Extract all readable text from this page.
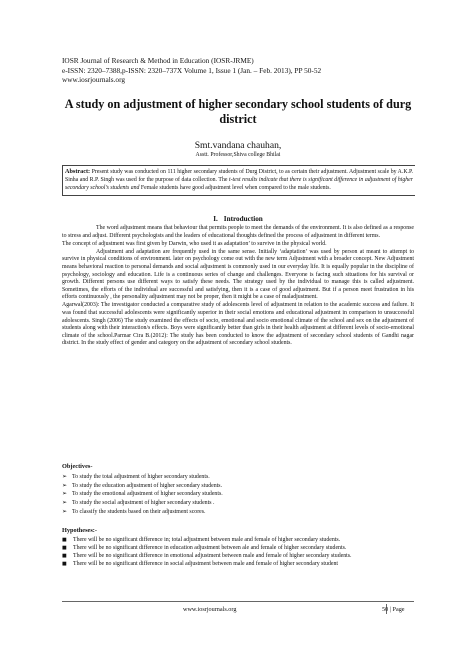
IOSR Journal of Research & Method in Education (IOSR-JRME)
e-ISSN: 2320–7388,p-ISSN: 2320–737X Volume 1, Issue 1 (Jan. – Feb. 2013), PP 50-52
www.iosrjournals.org
A study on adjustment of higher secondary school students of durg district
Smt.vandana chauhan,
Asstt. Professor,Shiva college Bhilai
Abstract: Present study was conducted on 111 higher secondary students of Durg District, to as certain their adjustment. Adjustment scale by A.K.P. Sinha and R.P. Singh was used for the purpose of data collection. The t-test results indicate that there is significant difference in adjustment of higher secondary school’s students and Female students have good adjustment level when compared to the male students.
I. Introduction

The word adjustment means that behaviour that permits people to meet the demands of the environment. It is also defined as a response to stress and adjust. Different psychologists and the leaders of educational thoughts defined the process of adjustment in different terms.

The concept of adjustment was first given by Darwin, who used it as adaptation’ to survive in the physical world.

Adjustment and adaptation are frequently used in the same sense. Initially ‘adaptation’ was used by person at meant to attempt to survive in physical conditions of environment. later on psychology come out with the new term Adjustment with a broader concept. New Adjustment means behavioral reaction to personal demands and social adjustment is commonly used in our everyday life. It is equally popular in the discipline of psychology, sociology and education. Life is a continuous series of change and challenges. Everyone is facing such situations for his survival or growth. Different persons use different ways to satisfy these needs. The strategy used by the individual to manage this is called adjustment. Sometimes, the efforts of the individual are successful and satisfying, then it is a case of good adjustment. But if a person meet frustration in his efforts continuously , the personality adjustment may not be proper, then it might be a case of maladjustment.

Agarwal(2003): The investigator conducted a comparative study of adolescents level of adjustment in relation to the academic success and failure. It was found that successful adolescents were significantly superior in their social emotions and educational adjustment in comparison to unsuccessful adolescents. Singh (2006) The study examined the effects of socio, emotional and socio emotional climate of the school and sex on the adjustment of students along with their interaction/s effects. Boys were significantly better than girls in their health adjustment at different levels of socio-emotional climate of the school.Parmar Cira B.(2012): The study has been conducted to know the adjustment of secondary school students of Gandhi nagar district. In the study effect of gender and category on the adjustment of secondary school students.

Objectives-
➢ To study the total adjustment of higher secondary students.
➢ To study the education adjustment of higher secondary students.
➢ To study the emotional adjustment of higher secondary students.
➢ To study the social adjustment of higher secondary students .
➢ To classify the students based on their adjustment scores.
Hypotheses:-
■ There will be no significant difference in; total adjustment between male and female of higher secondary students.
■ There will be no significant difference in education adjustment between ale and female of higher secondary students.
■ There will be no significant difference in emotional adjustment between male and female of higher secondary students.
■ There will be no significant difference in social adjustment between male and female of higher secondary student
www.iosrjournals.org	50 | Page
